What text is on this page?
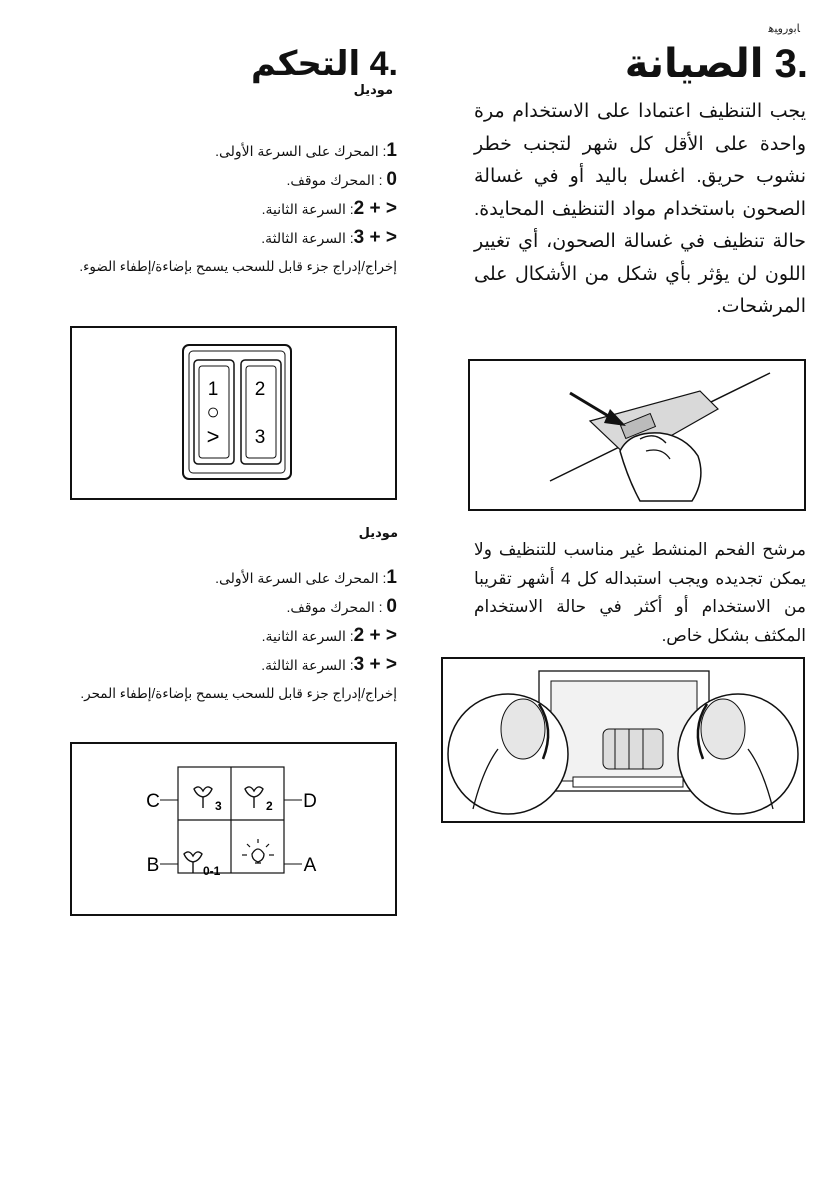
ﺎﺑﻭﺭﻭﻴﻫ
3. الصيانة
4. التحكم
موديل
يجب التنظيف اعتمادا على الاستخدام مرة واحدة على الأقل كل شهر لتجنب خطر نشوب حريق. اغسل باليد أو في غسالة الصحون باستخدام مواد التنظيف المحايدة. حالة تنظيف في غسالة الصحون، أي تغيير اللون لن يؤثر بأي شكل من الأشكال على المرشحات.
مرشح الفحم المنشط غير مناسب للتنظيف ولا يمكن تجديده ويجب استبداله كل 4 أشهر تقريبا من الاستخدام أو أكثر في حالة الاستخدام المكثف بشكل خاص.
1: المحرك على السرعة الأولى.
0 : المحرك موقف.
2 + >: السرعة الثانية.
3 + >: السرعة الثالثة.
إخراج/إدراج جزء قابل للسحب يسمح بإضاءة/إطفاء الضوء.
1
○
>
2
3
موديل
1: المحرك على السرعة الأولى.
0 : المحرك موقف.
2 + >: السرعة الثانية.
3 + >: السرعة الثالثة.
إخراج/إدراج جزء قابل للسحب يسمح بإضاءة/إطفاء المحر.
C	D
B	A
3	2
0-1
